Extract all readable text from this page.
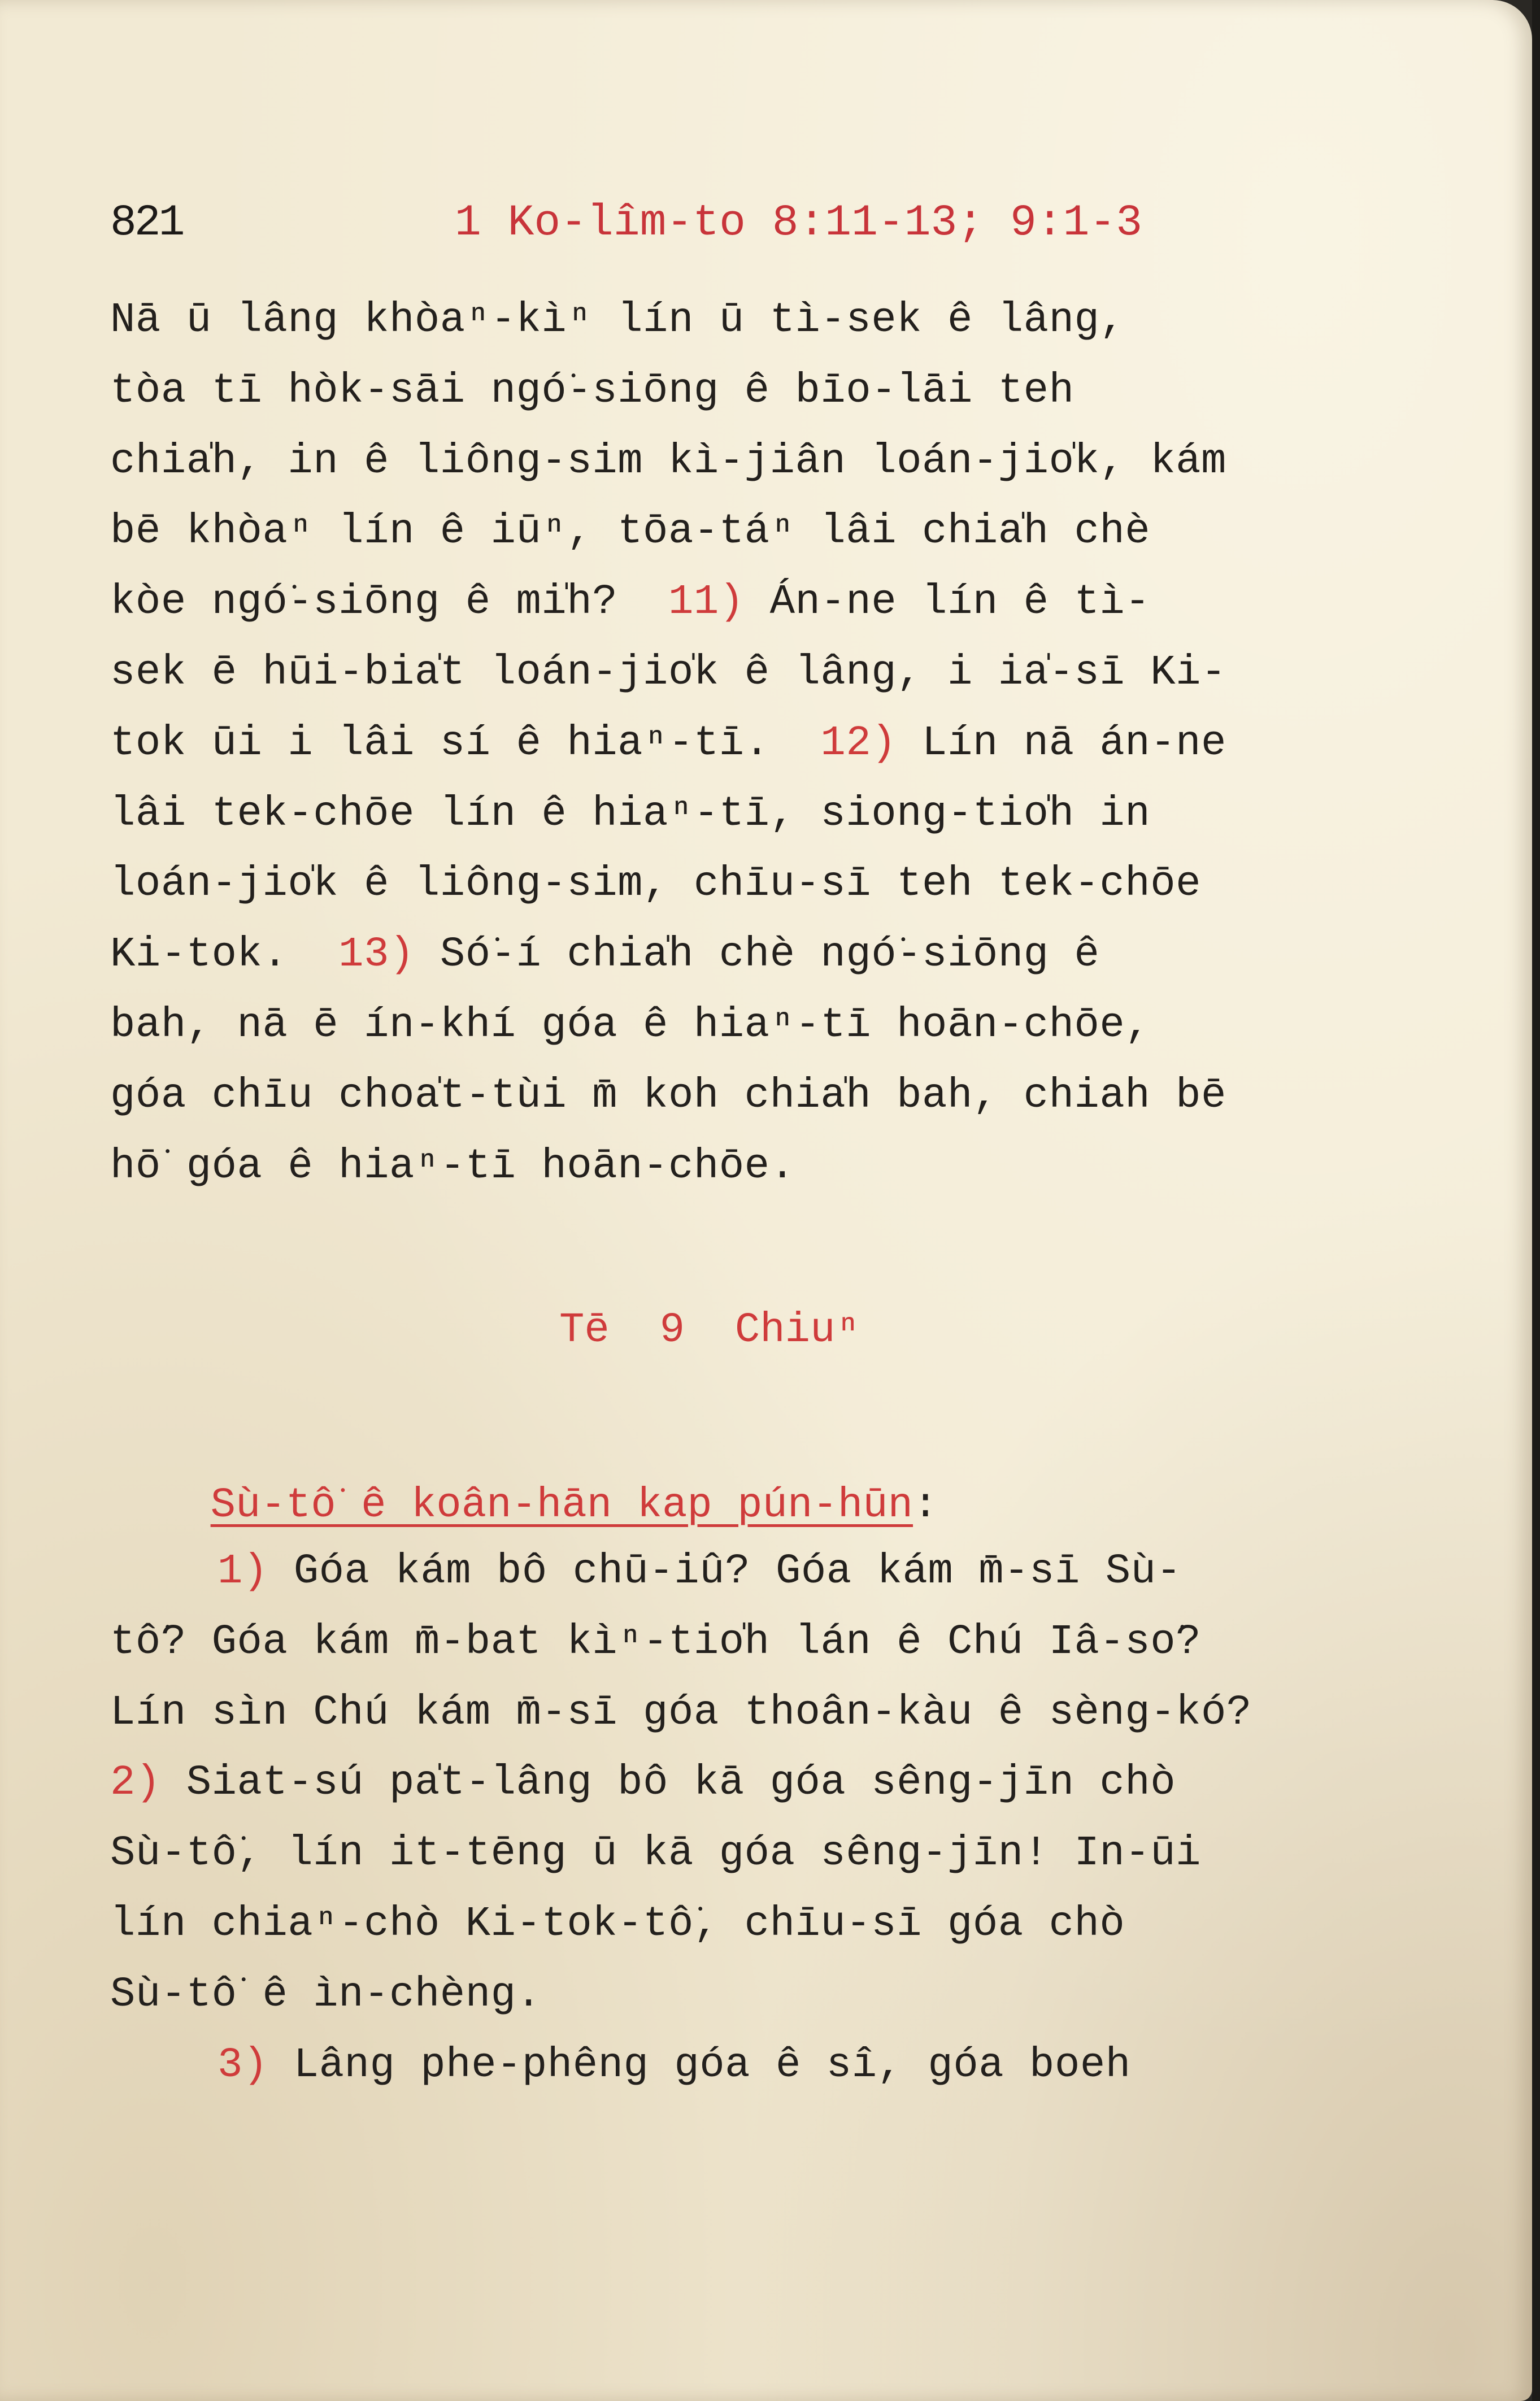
821	1 Ko-lîm-to 8:11-13; 9:1-3
Nā ū lâng khòaⁿ-kìⁿ lín ū tì-sek ê lâng,
tòa tī hòk-sāi ngó͘-siōng ê bīo-lāi teh
chia̍h, in ê liông-sim kì-jiân loán-jio̍k, kám
bē khòaⁿ lín ê iūⁿ, tōa-táⁿ lâi chia̍h chè
kòe ngó͘-siōng ê mi̍h?  11) Án-ne lín ê tì-
sek ē hūi-bia̍t loán-jio̍k ê lâng, i ia̍-sī Ki-
tok ūi i lâi sí ê hiaⁿ-tī.  12) Lín nā án-ne
lâi tek-chōe lín ê hiaⁿ-tī, siong-tio̍h in
loán-jio̍k ê liông-sim, chīu-sī teh tek-chōe
Ki-tok.  13) Só͘-í chia̍h chè ngó͘-siōng ê
bah, nā ē ín-khí góa ê hiaⁿ-tī hoān-chōe,
góa chīu choa̍t-tùi m̄ koh chia̍h bah, chiah bē
hō͘ góa ê hiaⁿ-tī hoān-chōe.
Tē  9  Chiuⁿ

Sù-tô͘ ê koân-hān kap pún-hūn:

1) Góa kám bô chū-iû? Góa kám m̄-sī Sù-
tô͘? Góa kám m̄-bat kìⁿ-tio̍h lán ê Chú Iâ-so͘?
Lín sìn Chú kám m̄-sī góa thoân-kàu ê sèng-kó?
2) Siat-sú pa̍t-lâng bô kā góa sêng-jīn chò
Sù-tô͘, lín it-tēng ū kā góa sêng-jīn! In-ūi
lín chiaⁿ-chò Ki-tok-tô͘, chīu-sī góa chò
Sù-tô͘ ê ìn-chèng.
3) Lâng phe-phêng góa ê sî, góa boeh
